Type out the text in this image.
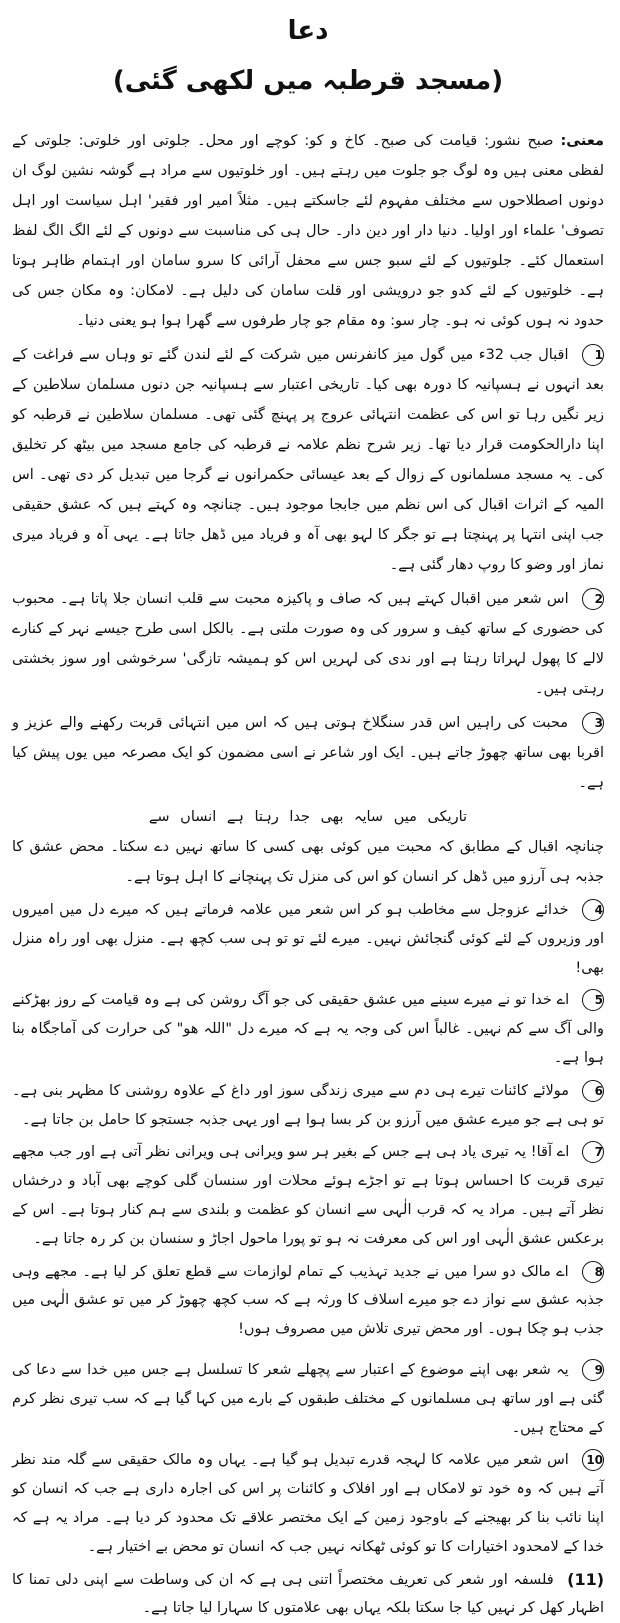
دعا
(مسجد قرطبہ میں لکھی گئی)

معنی: صبح نشور: قیامت کی صبح۔ کاخ و کو: کوچے اور محل۔ جلوتی اور خلوتی: جلوتی کے لفظی معنی ہیں وہ لوگ جو جلوت میں رہتے ہیں۔ اور خلوتیوں سے مراد ہے گوشہ نشین لوگ ان دونوں اصطلاحوں سے مختلف مفہوم لئے جاسکتے ہیں۔ مثلاً امیر اور فقیر' اہل سیاست اور اہل تصوف' علماء اور اولیا۔ دنیا دار اور دین دار۔ حال ہی کی مناسبت سے دونوں کے لئے الگ الگ لفظ استعمال کئے۔ جلوتیوں کے لئے سبو جس سے محفل آرائی کا سرو سامان اور اہتمام ظاہر ہوتا ہے۔ خلوتیوں کے لئے کدو جو درویشی اور قلت سامان کی دلیل ہے۔ لامکان: وہ مکان جس کی حدود نہ ہوں کوئی نہ ہو۔ چار سو: وہ مقام جو چار طرفوں سے گھرا ہوا ہو یعنی دنیا۔

1 اقبال جب 32ء میں گول میز کانفرنس میں شرکت کے لئے لندن گئے تو وہاں سے فراغت کے بعد انہوں نے ہسپانیہ کا دورہ بھی کیا۔ تاریخی اعتبار سے ہسپانیہ جن دنوں مسلمان سلاطین کے زیر نگیں رہا تو اس کی عظمت انتہائی عروج پر پہنچ گئی تھی۔ مسلمان سلاطین نے قرطبہ کو اپنا دارالحکومت قرار دیا تھا۔ زیر شرح نظم علامہ نے قرطبہ کی جامع مسجد میں بیٹھ کر تخلیق کی۔ یہ مسجد مسلمانوں کے زوال کے بعد عیسائی حکمرانوں نے گرجا میں تبدیل کر دی تھی۔ اس المیہ کے اثرات اقبال کی اس نظم میں جابجا موجود ہیں۔ چنانچہ وہ کہتے ہیں کہ عشق حقیقی جب اپنی انتہا پر پہنچتا ہے تو جگر کا لہو بھی آہ و فریاد میں ڈھل جاتا ہے۔ یہی آہ و فریاد میری نماز اور وضو کا روپ دھار گئی ہے۔

2 اس شعر میں اقبال کہتے ہیں کہ صاف و پاکیزہ محبت سے قلب انسان جلا پاتا ہے۔ محبوب کی حضوری کے ساتھ کیف و سرور کی وہ صورت ملتی ہے۔ بالکل اسی طرح جیسے نہر کے کنارے لالے کا پھول لہراتا رہتا ہے اور ندی کی لہریں اس کو ہمیشہ تازگی' سرخوشی اور سوز بخشتی رہتی ہیں۔

3 محبت کی راہیں اس قدر سنگلاخ ہوتی ہیں کہ اس میں انتہائی قربت رکھنے والے عزیز و اقربا بھی ساتھ چھوڑ جاتے ہیں۔ ایک اور شاعر نے اسی مضمون کو ایک مصرعہ میں یوں پیش کیا ہے۔

تاریکی میں سایہ بھی جدا رہتا ہے انساں سے

چنانچہ اقبال کے مطابق کہ محبت میں کوئی بھی کسی کا ساتھ نہیں دے سکتا۔ محض عشق کا جذبہ ہی آرزو میں ڈھل کر انسان کو اس کی منزل تک پہنچانے کا اہل ہوتا ہے۔

4 خدائے عزوجل سے مخاطب ہو کر اس شعر میں علامہ فرماتے ہیں کہ میرے دل میں امیروں اور وزیروں کے لئے کوئی گنجائش نہیں۔ میرے لئے تو تو ہی سب کچھ ہے۔ منزل بھی اور راہ منزل بھی!

5 اے خدا تو نے میرے سینے میں عشق حقیقی کی جو آگ روشن کی ہے وہ قیامت کے روز بھڑکنے والی آگ سے کم نہیں۔ غالباً اس کی وجہ یہ ہے کہ میرے دل "اللہ ھو" کی حرارت کی آماجگاہ بنا ہوا ہے۔

6 مولائے کائنات تیرے ہی دم سے میری زندگی سوز اور داغ کے علاوہ روشنی کا مظہر بنی ہے۔ تو ہی ہے جو میرے عشق میں آرزو بن کر بسا ہوا ہے اور یہی جذبہ جستجو کا حامل بن جاتا ہے۔

7 اے آقا! یہ تیری یاد ہی ہے جس کے بغیر ہر سو ویرانی ہی ویرانی نظر آتی ہے اور جب مجھے تیری قربت کا احساس ہوتا ہے تو اجڑے ہوئے محلات اور سنسان گلی کوچے بھی آباد و درخشاں نظر آتے ہیں۔ مراد یہ کہ قرب الٰہی سے انسان کو عظمت و بلندی سے ہم کنار ہوتا ہے۔ اس کے برعکس عشق الٰہی اور اس کی معرفت نہ ہو تو پورا ماحول اجاڑ و سنسان بن کر رہ جاتا ہے۔

8 اے مالک دو سرا میں نے جدید تہذیب کے تمام لوازمات سے قطع تعلق کر لیا ہے۔ مجھے وہی جذبہ عشق سے نواز دے جو میرے اسلاف کا ورثہ ہے کہ سب کچھ چھوڑ کر میں تو عشق الٰہی میں جذب ہو چکا ہوں۔ اور محض تیری تلاش میں مصروف ہوں!

9 یہ شعر بھی اپنے موضوع کے اعتبار سے پچھلے شعر کا تسلسل ہے جس میں خدا سے دعا کی گئی ہے اور ساتھ ہی مسلمانوں کے مختلف طبقوں کے بارے میں کہا گیا ہے کہ سب تیری نظر کرم کے محتاج ہیں۔

10 اس شعر میں علامہ کا لہجہ قدرے تبدیل ہو گیا ہے۔ یہاں وہ مالک حقیقی سے گلہ مند نظر آتے ہیں کہ وہ خود تو لامکاں ہے اور افلاک و کائنات پر اس کی اجارہ داری ہے جب کہ انسان کو اپنا نائب بنا کر بھیجنے کے باوجود زمین کے ایک مختصر علاقے تک محدود کر دیا ہے۔ مراد یہ ہے کہ خدا کے لامحدود اختیارات کا تو کوئی ٹھکانہ نہیں جب کہ انسان تو محض بے اختیار ہے۔

(11) فلسفہ اور شعر کی تعریف مختصراً اتنی ہی ہے کہ ان کی وساطت سے اپنی دلی تمنا کا اظہار کھل کر نہیں کیا جا سکتا بلکہ یہاں بھی علامتوں کا سہارا لیا جاتا ہے۔
